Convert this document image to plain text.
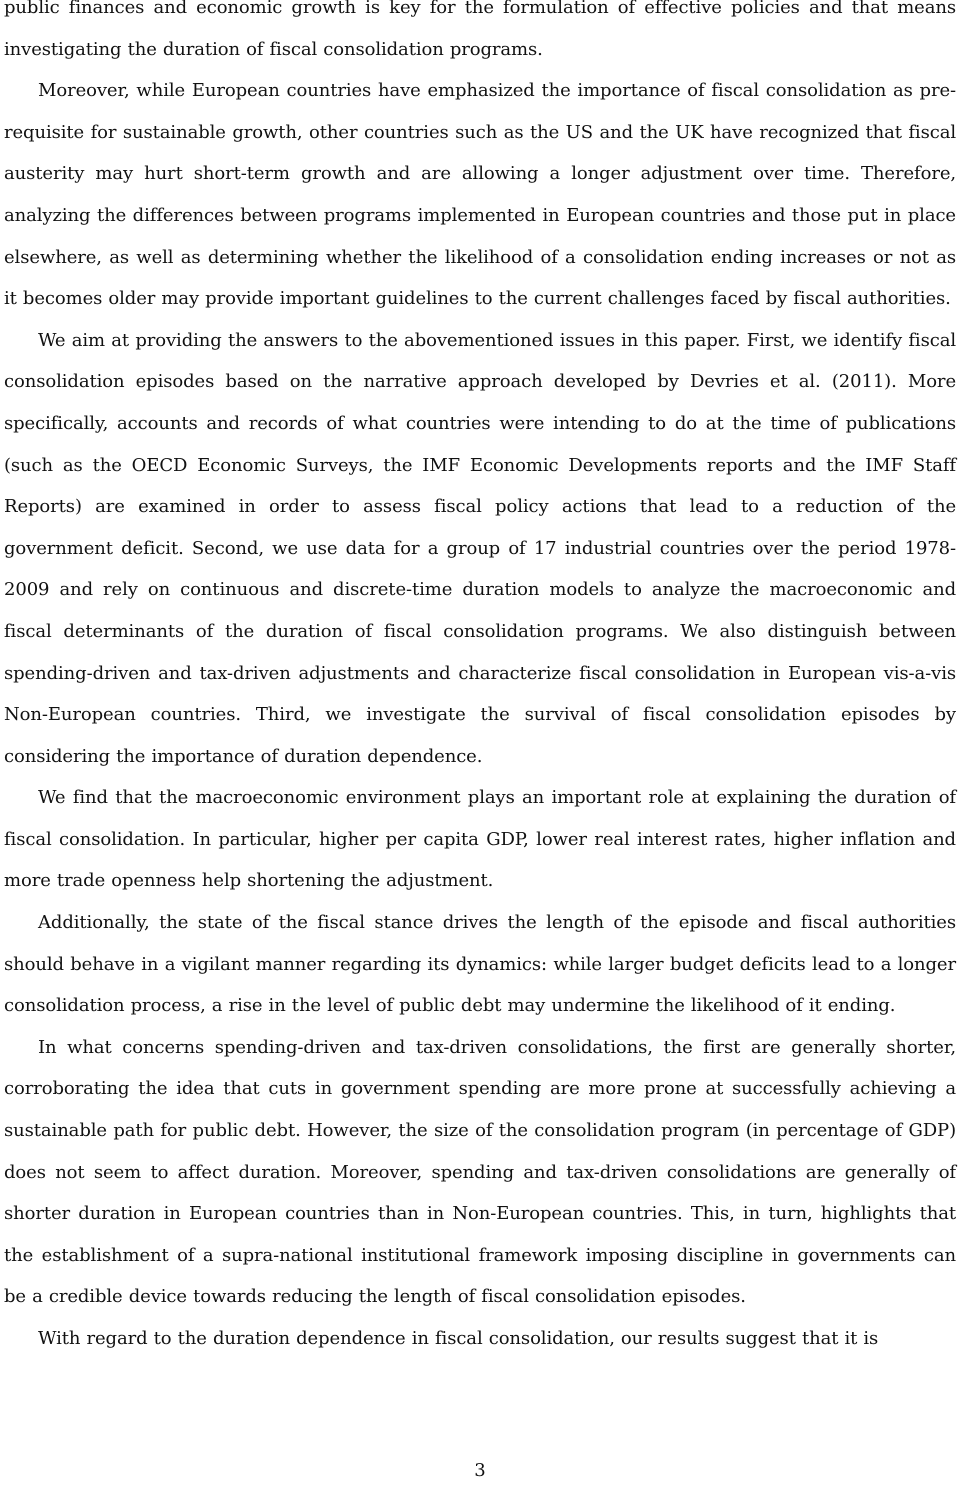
public finances and economic growth is key for the formulation of effective policies and that means investigating the duration of fiscal consolidation programs.

Moreover, while European countries have emphasized the importance of fiscal consolidation as pre-requisite for sustainable growth, other countries such as the US and the UK have recognized that fiscal austerity may hurt short-term growth and are allowing a longer adjustment over time. Therefore, analyzing the differences between programs implemented in European countries and those put in place elsewhere, as well as determining whether the likelihood of a consolidation ending increases or not as it becomes older may provide important guidelines to the current challenges faced by fiscal authorities.

We aim at providing the answers to the abovementioned issues in this paper. First, we identify fiscal consolidation episodes based on the narrative approach developed by Devries et al. (2011). More specifically, accounts and records of what countries were intending to do at the time of publications (such as the OECD Economic Surveys, the IMF Economic Developments reports and the IMF Staff Reports) are examined in order to assess fiscal policy actions that lead to a reduction of the government deficit. Second, we use data for a group of 17 industrial countries over the period 1978-2009 and rely on continuous and discrete-time duration models to analyze the macroeconomic and fiscal determinants of the duration of fiscal consolidation programs. We also distinguish between spending-driven and tax-driven adjustments and characterize fiscal consolidation in European vis-a-vis Non-European countries. Third, we investigate the survival of fiscal consolidation episodes by considering the importance of duration dependence.

We find that the macroeconomic environment plays an important role at explaining the duration of fiscal consolidation. In particular, higher per capita GDP, lower real interest rates, higher inflation and more trade openness help shortening the adjustment.

Additionally, the state of the fiscal stance drives the length of the episode and fiscal authorities should behave in a vigilant manner regarding its dynamics: while larger budget deficits lead to a longer consolidation process, a rise in the level of public debt may undermine the likelihood of it ending.

In what concerns spending-driven and tax-driven consolidations, the first are generally shorter, corroborating the idea that cuts in government spending are more prone at successfully achieving a sustainable path for public debt. However, the size of the consolidation program (in percentage of GDP) does not seem to affect duration. Moreover, spending and tax-driven consolidations are generally of shorter duration in European countries than in Non-European countries. This, in turn, highlights that the establishment of a supra-national institutional framework imposing discipline in governments can be a credible device towards reducing the length of fiscal consolidation episodes.

With regard to the duration dependence in fiscal consolidation, our results suggest that it is

3
